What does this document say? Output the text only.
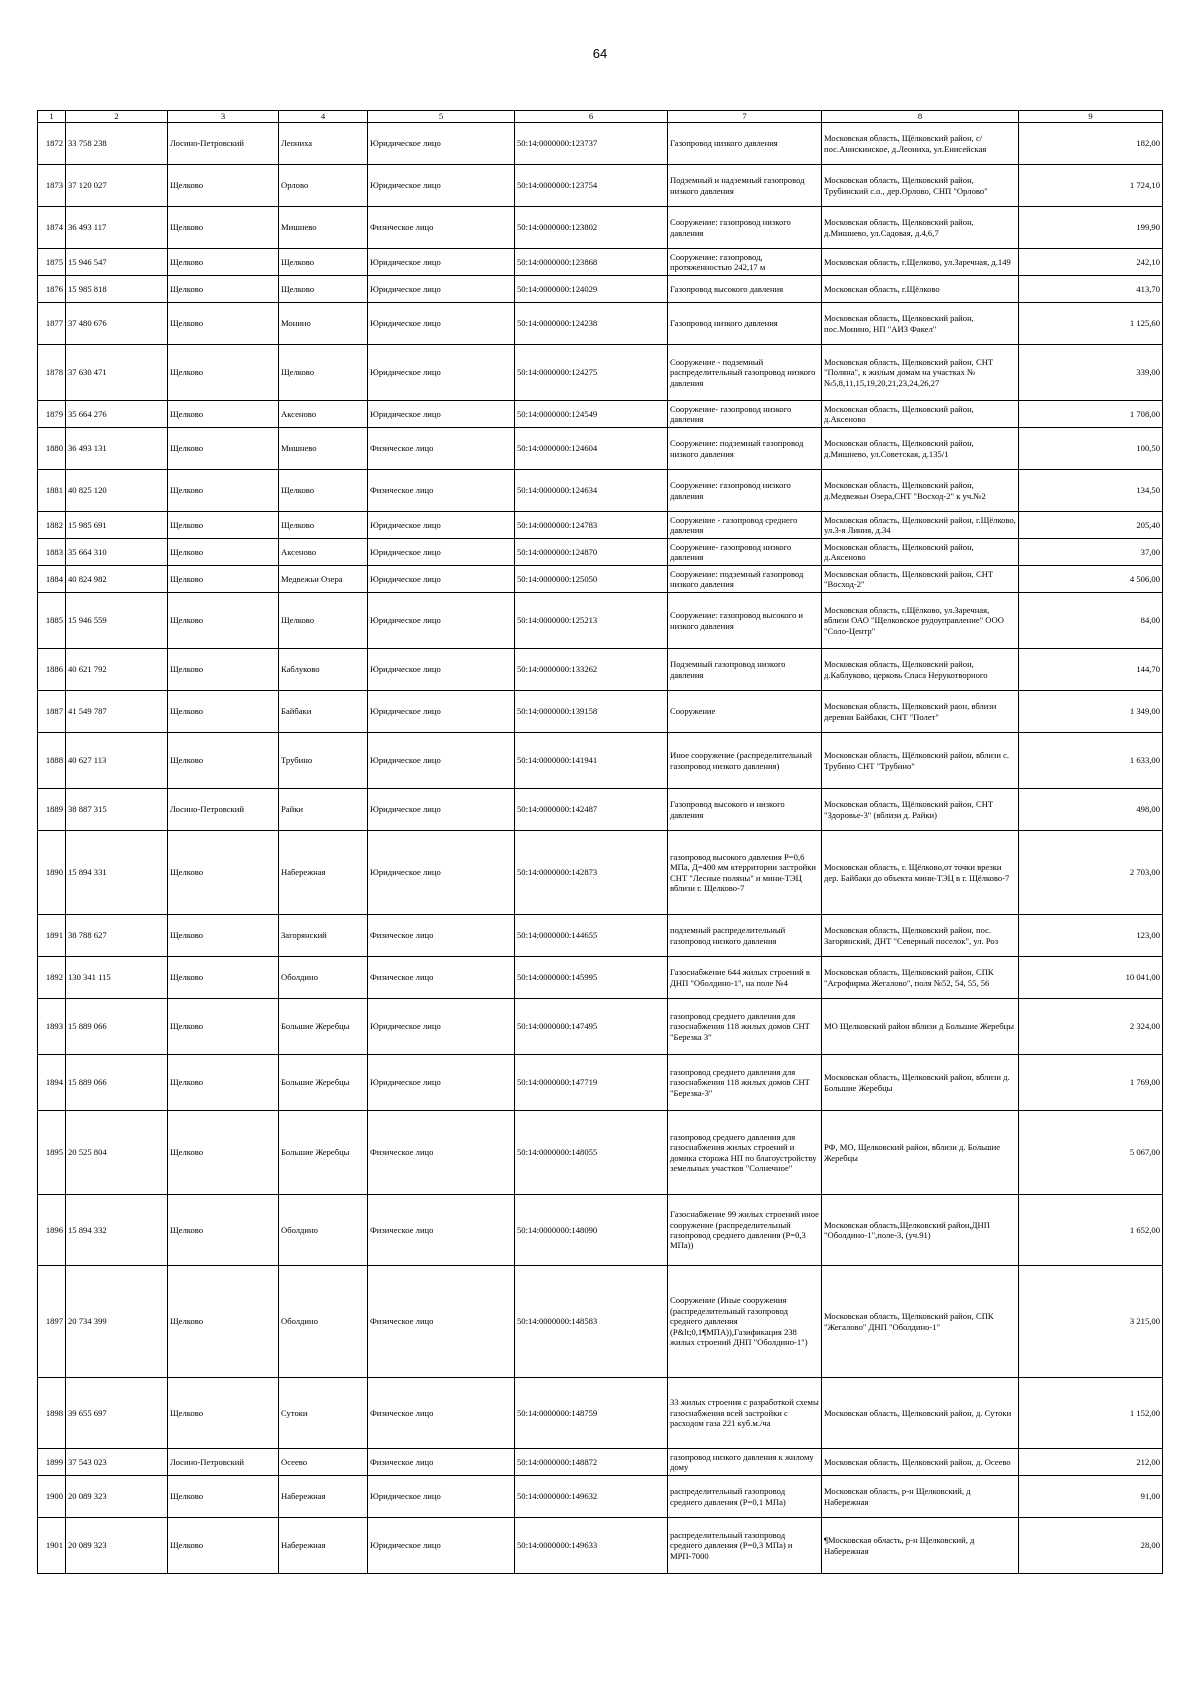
64
1	2	3	4	5	6	7	8	9
1872	33 758 238	Лосино-Петровский	Леониха	Юридическое лицо	50:14:0000000:123737	Газопровод низкого давления	Московская область, Щёлковский район, с/пос.Анискинское, д.Леониха, ул.Енисейская	182,00
1873	37 120 027	Щелково	Орлово	Юридическое лицо	50:14:0000000:123754	Подземный и надземный газопровод низкого давления	Московская область, Щелковский район, Трубинский с.о., дер.Орлово, СНП "Орлово"	1 724,10
1874	36 493 117	Щелково	Мишнево	Физическое лицо	50:14:0000000:123802	Сооружение: газопровод низкого давления	Московская область, Щелковский район, д.Мишнево, ул.Садовая, д.4,6,7	199,90
1875	15 946 547	Щелково	Щелково	Юридическое лицо	50:14:0000000:123868	Сооружение: газопровод, протяженностью 242,17 м	Московская область, г.Щелково, ул.Заречная, д.149	242,10
1876	15 985 818	Щелково	Щелково	Юридическое лицо	50:14:0000000:124029	Газопровод высокого давления	Московская область, г.Щёлково	413,70
1877	37 480 676	Щелково	Монино	Юридическое лицо	50:14:0000000:124238	Газопровод низкого давления	Московская область, Щелковский район, пос.Монино, НП "АИЗ Факел"	1 125,60
1878	37 630 471	Щелково	Щелково	Юридическое лицо	50:14:0000000:124275	Сооружение - подземный распределительный газопровод низкого давления	Московская область, Щелковский район, СНТ "Поляна", к жилым домам на участках №№5,8,11,15,19,20,21,23,24,26,27	339,00
1879	35 664 276	Щелково	Аксеново	Юридическое лицо	50:14:0000000:124549	Сооружение- газопровод низкого давления	Московская область, Щелковский район, д.Аксеново	1 708,00
1880	36 493 131	Щелково	Мишнево	Физическое лицо	50:14:0000000:124604	Сооружение: подземный газопровод низкого давления	Московская область, Щелковский район, д.Мишнево, ул.Советская, д.135/1	100,50
1881	40 825 120	Щелково	Щелково	Физическое лицо	50:14:0000000:124634	Сооружение: газопровод низкого давления	Московская область, Щелковский район, д.Медвежьи Озера,СНТ "Восход-2" к уч.№2	134,50
1882	15 985 691	Щелково	Щелково	Юридическое лицо	50:14:0000000:124783	Сооружение - газопровод среднего давления	Московская область, Щелковский район, г.Щёлково, ул.3-я Линия, д.34	205,40
1883	35 664 310	Щелково	Аксеново	Юридическое лицо	50:14:0000000:124870	Сооружение- газопровод низкого давления	Московская область, Щелковский район, д.Аксеново	37,00
1884	40 824 982	Щелково	Медвежьи Озера	Юридическое лицо	50:14:0000000:125050	Сооружение: подземный газопровод низкого давления	Московская область, Щелковский район, СНТ "Восход-2"	4 506,00
1885	15 946 559	Щелково	Щелково	Юридическое лицо	50:14:0000000:125213	Сооружение: газопровод высокого и низкого давления	Московская область, г.Щёлково, ул.Заречная, вблизи ОАО "Щелковское рудоуправление" ООО "Соло-Центр"	84,00
1886	40 621 792	Щелково	Каблуково	Юридическое лицо	50:14:0000000:133262	Подземный газопровод низкого давления	Московская область, Щелковский район, д.Каблуково, церковь Спаса Нерукотворного	144,70
1887	41 549 787	Щелково	Байбаки	Юридическое лицо	50:14:0000000:139158	Сооружение	Московская область, Щелковский раон, вблизи деревни Байбаки, СНТ "Полет"	1 349,00
1888	40 627 113	Щелково	Трубино	Юридическое лицо	50:14:0000000:141941	Иное сооружение (распределительный газопровод низкого давления)	Московская область, Щёлковский район, вблизи с. Трубино СНТ "Трубино"	1 633,00
1889	38 887 315	Лосино-Петровский	Райки	Юридическое лицо	50:14:0000000:142487	Газопровод высокого и низкого давления	Московская область, Щёлковский район, СНТ "Здоровье-3" (вблизи д. Райки)	498,00
1890	15 894 331	Щелково	Набережная	Юридическое лицо	50:14:0000000:142873	газопровод высокого давления P=0,6 МПа, Д=400 мм ктерритории застройки СНТ "Лесные поляны" и мини-ТЭЦ вблизи г. Щелково-7	Московская область, г. Щёлково,от точки врезки дер. Байбаки до объекта мини-ТЭЦ в г. Щёлково-7	2 703,00
1891	38 788 627	Щелково	Загорянский	Физическое лицо	50:14:0000000:144655	подземный распределительный газопровод низкого давления	Московская область, Щелковский район, пос. Загорянский, ДНТ "Северный поселок", ул. Роз	123,00
1892	130 341 115	Щелково	Оболдино	Физическое лицо	50:14:0000000:145995	Газоснабжение 644 жилых строений в ДНП "Оболдино-1", на поле №4	Московская область, Щелковский район, СПК "Агрофирма Жегалово", поля №52, 54, 55, 56	10 041,00
1893	15 889 066	Щелково	Большие Жеребцы	Юридическое лицо	50:14:0000000:147495	газопровод среднего давления для газоснабжения 118 жилых домов СНТ "Березка 3"	МО Щелковский район вблизи д Большие Жеребцы	2 324,00
1894	15 889 066	Щелково	Большие Жеребцы	Юридическое лицо	50:14:0000000:147719	газопровод среднего давления для газоснабжения 118 жилых домов СНТ "Березка-3"	Московская область, Щелковский район, вблизи д. Большие Жеребцы	1 769,00
1895	20 525 804	Щелково	Большие Жеребцы	Физическое лицо	50:14:0000000:148055	газопровод среднего давления для газоснабжения жилых строений и домика сторожа НП по благоустройству земельных участков "Солнечное"	РФ, МО, Щелковский район, вблизи д. Большие Жеребцы	5 067,00
1896	15 894 332	Щелково	Оболдино	Физическое лицо	50:14:0000000:148090	Газоснабжение 99 жилых строений иное сооружение (распределительный газопровод среднего давления (P=0,3 МПа))	Московская область,Щелковский район,ДНП "Оболдино-1",поле-3, (уч.91)	1 652,00
1897	20 734 399	Щелково	Оболдино	Физическое лицо	50:14:0000000:148583	Сооружение (Иные сооружения (распределительный газопровод среднего давления (P&lt;0,1¶МПА)),Газификация 238 жилых строений ДНП "Оболдино-1")	Московская область, Щелковский район, СПК "Жегалово" ДНП "Оболдино-1"	3 215,00
1898	39 655 697	Щелково	Сутоки	Физическое лицо	50:14:0000000:148759	33 жилых строения с разработкой схемы газоснабжения всей застройки с расходом газа 221 куб.м./ча	Московская область, Щелковский район, д. Сутоки	1 152,00
1899	37 543 023	Лосино-Петровский	Осеево	Физическое лицо	50:14:0000000:148872	газопровод низкого давления к жилому дому	Московская область, Щелковский район, д. Осеево	212,00
1900	20 089 323	Щелково	Набережная	Юридическое лицо	50:14:0000000:149632	распределительный газопровод среднего давления (P=0,1 МПа)	Московская область, р-н Щелковский, д Набережная	91,00
1901	20 089 323	Щелково	Набережная	Юридическое лицо	50:14:0000000:149633	распределительный газопровод среднего давления (P=0,3 МПа) и МРП-7000	¶Московская область, р-н Щелковский, д Набережная	28,00
